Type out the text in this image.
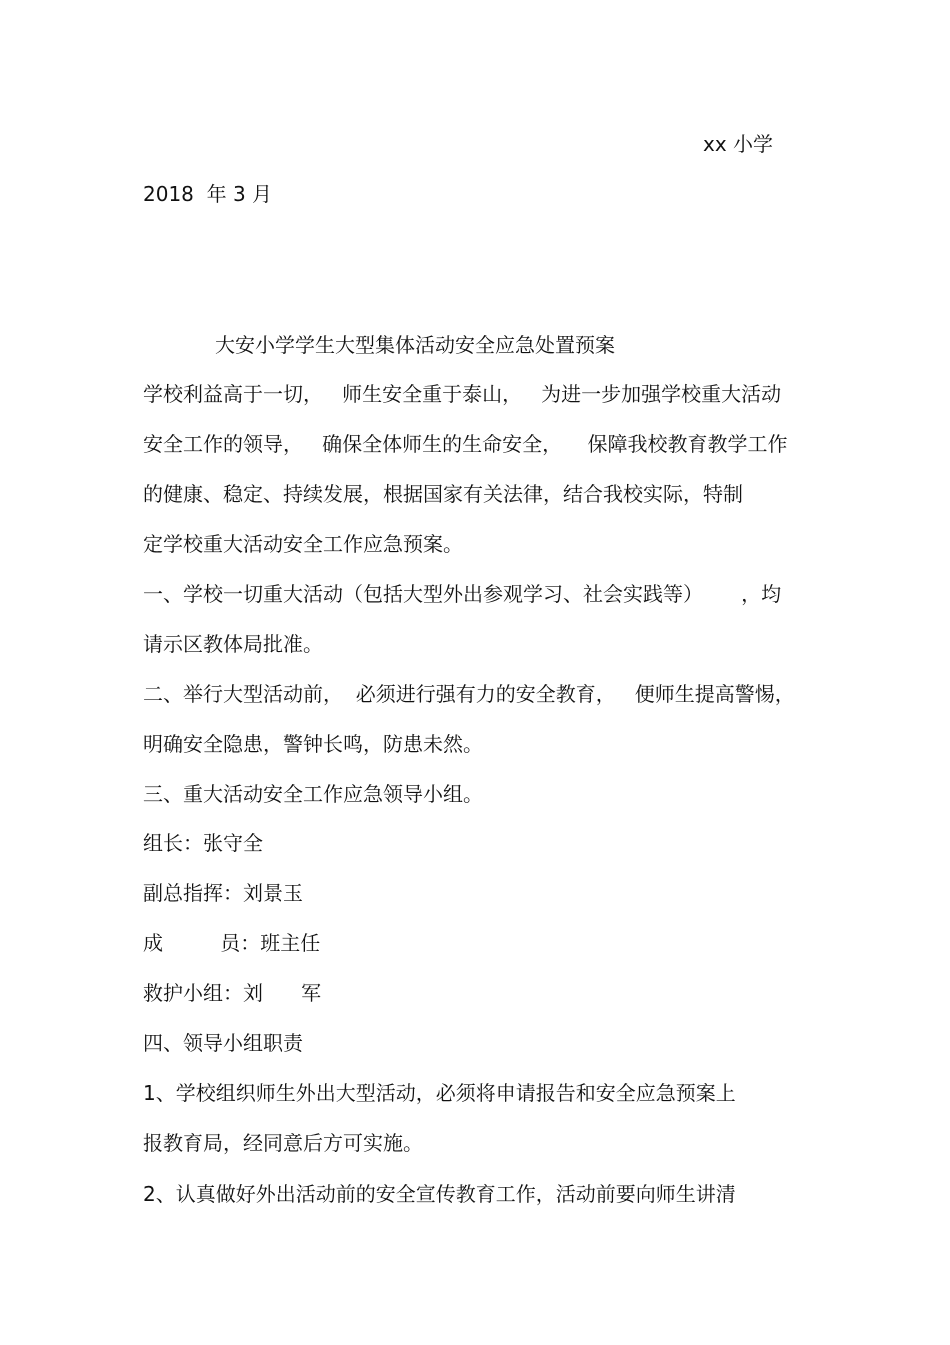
xx 小学

2018  年 3 月

大安小学学生大型集体活动安全应急处置预案

学校利益高于一切，   师生安全重于泰山，   为进一步加强学校重大活动

安全工作的领导，   确保全体师生的生命安全，    保障我校教育教学工作

的健康、稳定、持续发展，根据国家有关法律，结合我校实际，特制

定学校重大活动安全工作应急预案。

一、学校一切重大活动（包括大型外出参观学习、社会实践等）      ，均

请示区教体局批准。

二、举行大型活动前，  必须进行强有力的安全教育，   便师生提高警惕，

明确安全隐患，警钟长鸣，防患未然。

三、重大活动安全工作应急领导小组。

组长：张守全

副总指挥：刘景玉

成         员：班主任

救护小组：刘      军

四、领导小组职责

1、学校组织师生外出大型活动，必须将申请报告和安全应急预案上

报教育局，经同意后方可实施。

2、认真做好外出活动前的安全宣传教育工作，活动前要向师生讲清
